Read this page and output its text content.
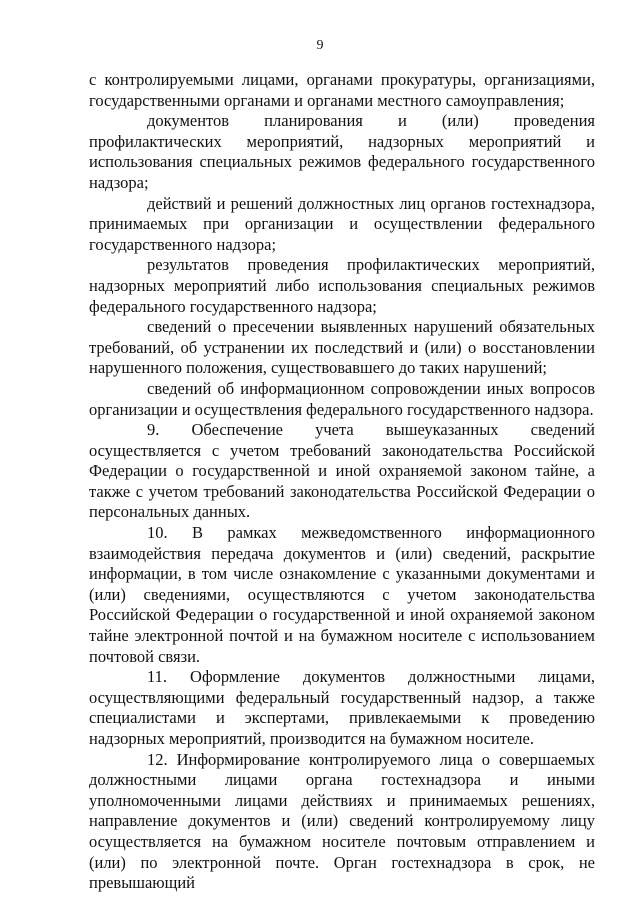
9

с контролируемыми лицами, органами прокуратуры, организациями, государственными органами и органами местного самоуправления;

документов планирования и (или) проведения профилактических мероприятий, надзорных мероприятий и использования специальных режимов федерального государственного надзора;

действий и решений должностных лиц органов гостехнадзора, принимаемых при организации и осуществлении федерального государственного надзора;

результатов проведения профилактических мероприятий, надзорных мероприятий либо использования специальных режимов федерального государственного надзора;

сведений о пресечении выявленных нарушений обязательных требований, об устранении их последствий и (или) о восстановлении нарушенного положения, существовавшего до таких нарушений;

сведений об информационном сопровождении иных вопросов организации и осуществления федерального государственного надзора.

9. Обеспечение учета вышеуказанных сведений осуществляется с учетом требований законодательства Российской Федерации о государственной и иной охраняемой законом тайне, а также с учетом требований законодательства Российской Федерации о персональных данных.

10. В рамках межведомственного информационного взаимодействия передача документов и (или) сведений, раскрытие информации, в том числе ознакомление с указанными документами и (или) сведениями, осуществляются с учетом законодательства Российской Федерации о государственной и иной охраняемой законом тайне электронной почтой и на бумажном носителе с использованием почтовой связи.

11. Оформление документов должностными лицами, осуществляющими федеральный государственный надзор, а также специалистами и экспертами, привлекаемыми к проведению надзорных мероприятий, производится на бумажном носителе.

12. Информирование контролируемого лица о совершаемых должностными лицами органа гостехнадзора и иными уполномоченными лицами действиях и принимаемых решениях, направление документов и (или) сведений контролируемому лицу осуществляется на бумажном носителе почтовым отправлением и (или) по электронной почте. Орган гостехнадзора в срок, не превышающий
